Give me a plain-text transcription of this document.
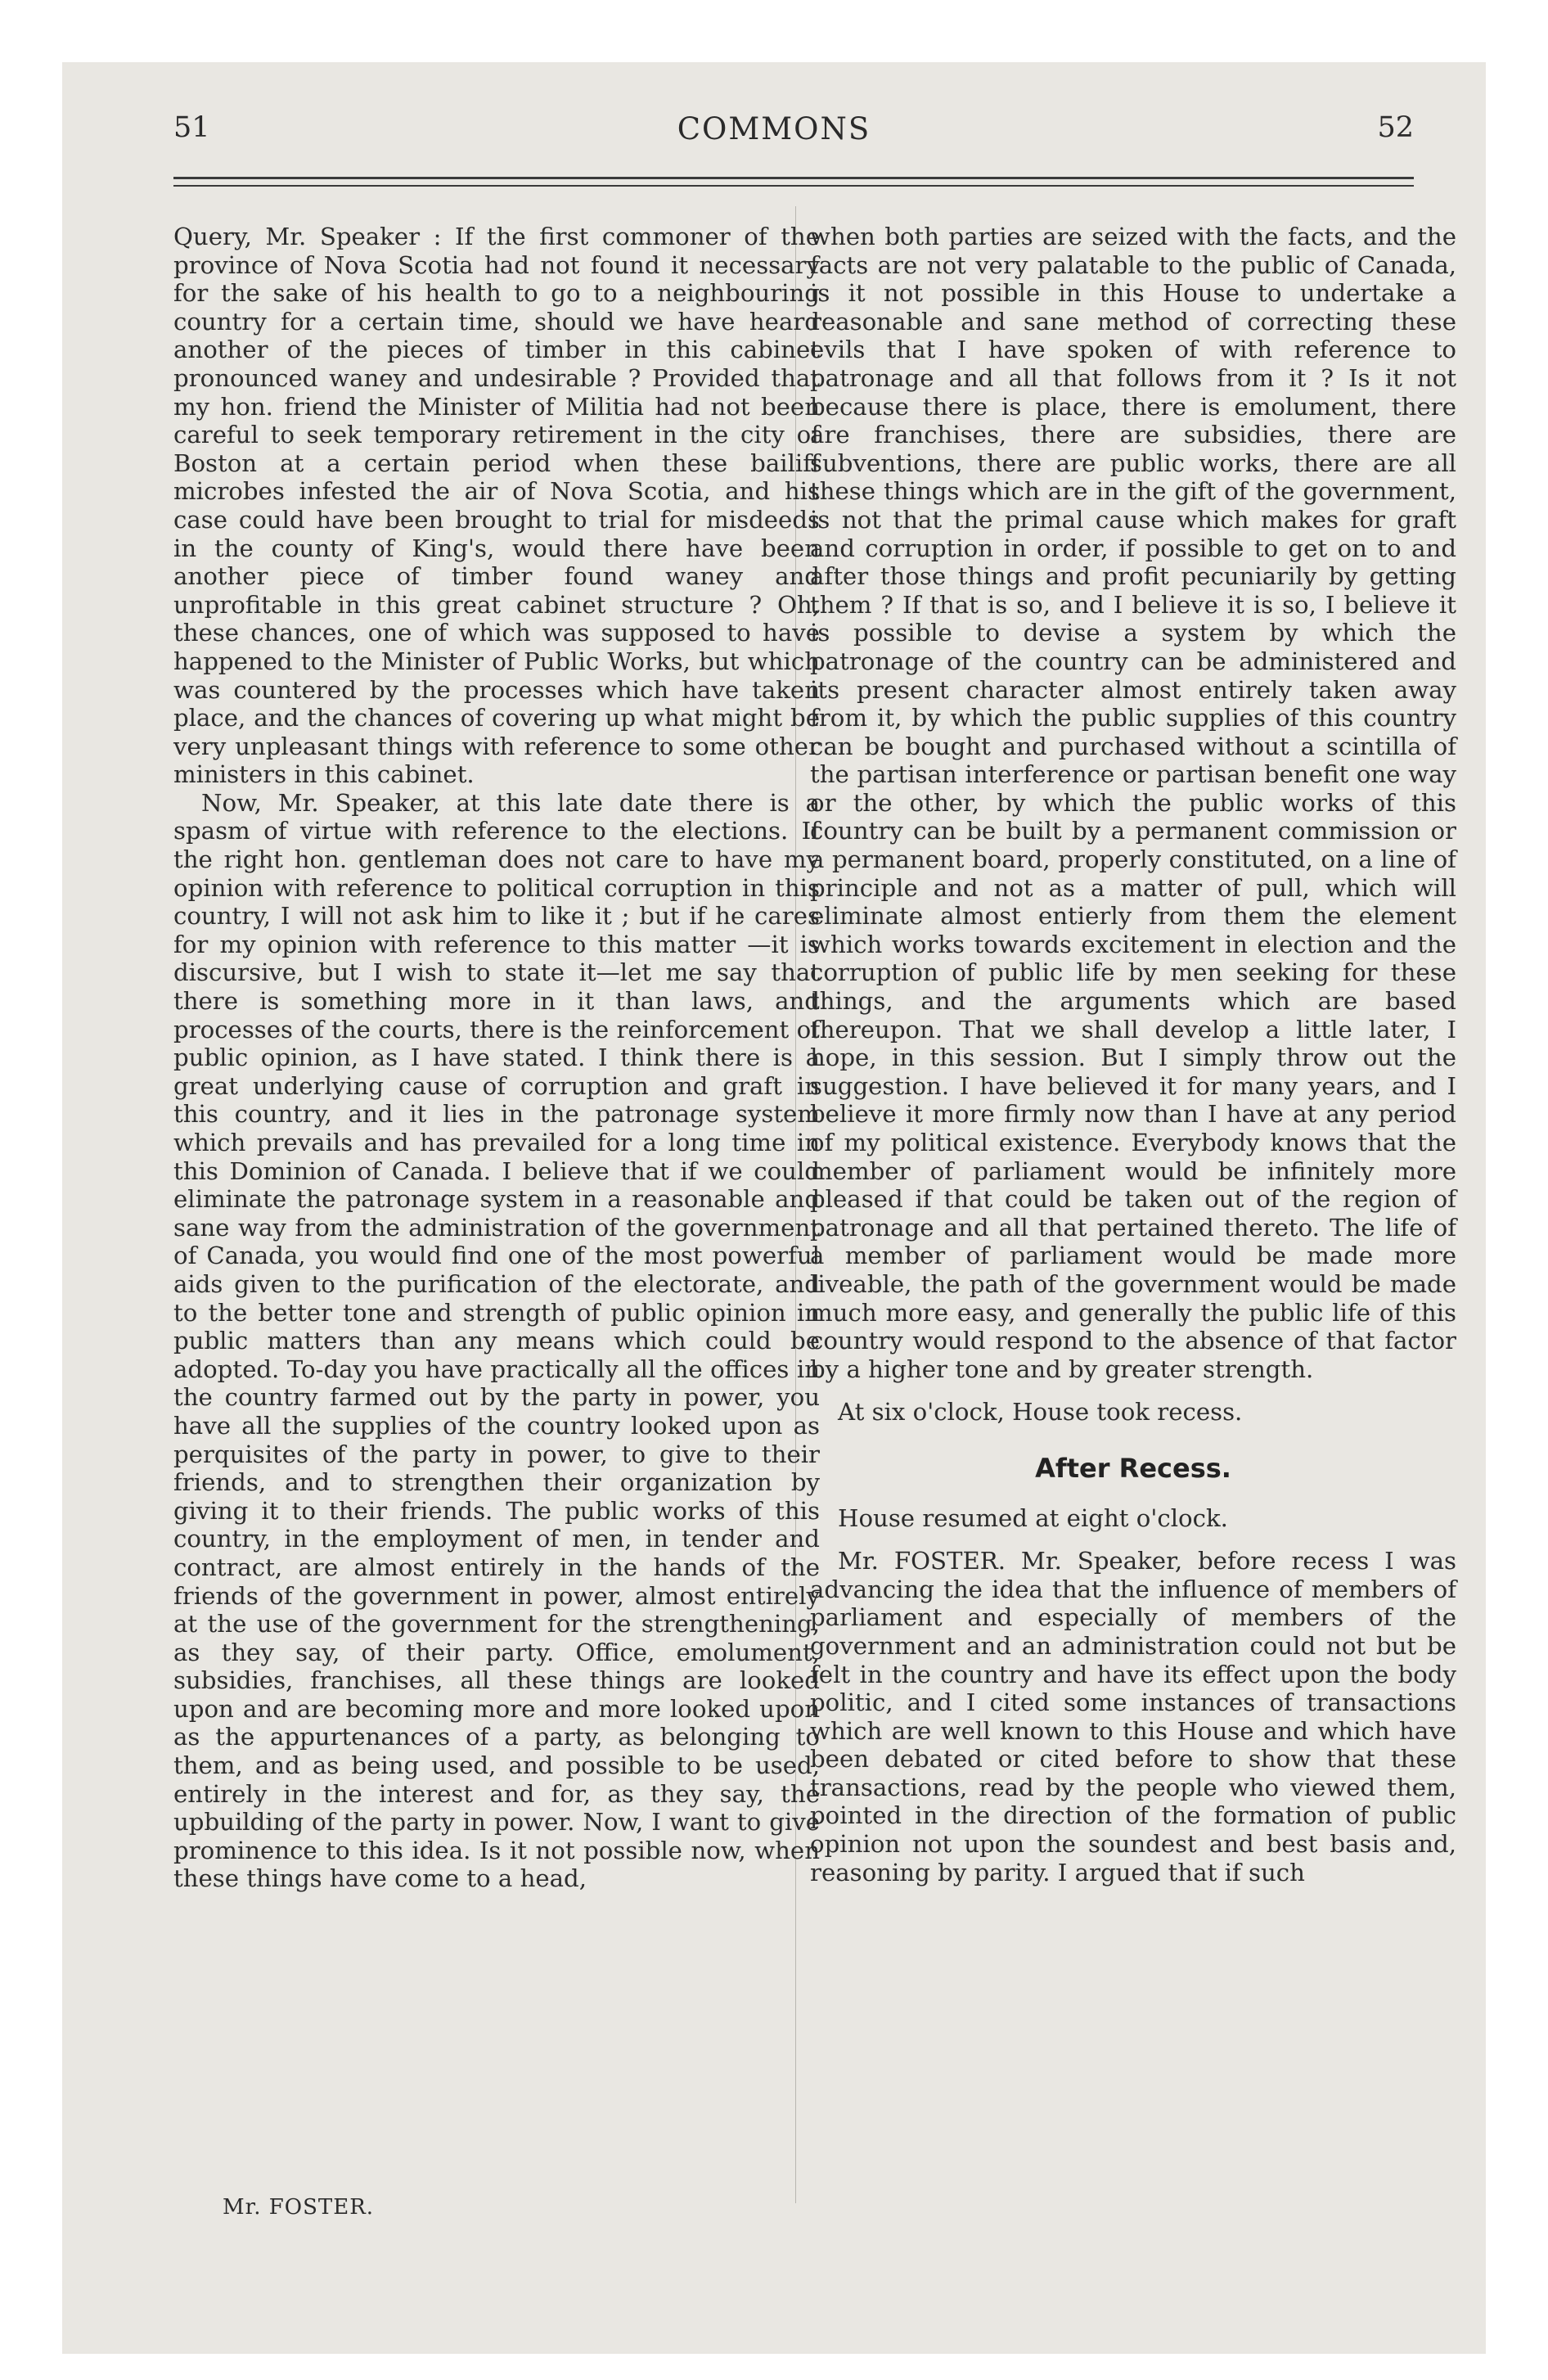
51	COMMONS	52

Query, Mr. Speaker : If the first commoner of the province of Nova Scotia had not found it necessary for the sake of his health to go to a neighbouring country for a certain time, should we have heard another of the pieces of timber in this cabinet pronounced waney and undesirable ? Provided that my hon. friend the Minister of Militia had not been careful to seek temporary retirement in the city of Boston at a certain period when these bailiff microbes infested the air of Nova Scotia, and his case could have been brought to trial for misdeeds in the county of King's, would there have been another piece of timber found waney and unprofitable in this great cabinet structure ? Oh, these chances, one of which was supposed to have happened to the Minister of Public Works, but which was countered by the processes which have taken place, and the chances of covering up what might be very unpleasant things with reference to some other ministers in this cabinet.

Now, Mr. Speaker, at this late date there is a spasm of virtue with reference to the elections. If the right hon. gentleman does not care to have my opinion with reference to political corruption in this country, I will not ask him to like it ; but if he cares for my opinion with reference to this matter —it is discursive, but I wish to state it—let me say that there is something more in it than laws, and processes of the courts, there is the reinforcement of public opinion, as I have stated. I think there is a great underlying cause of corruption and graft in this country, and it lies in the patronage system which prevails and has prevailed for a long time in this Dominion of Canada. I believe that if we could eliminate the patronage system in a reasonable and sane way from the administration of the government of Canada, you would find one of the most powerful aids given to the purification of the electorate, and to the better tone and strength of public opinion in public matters than any means which could be adopted. To-day you have practically all the offices in the country farmed out by the party in power, you have all the supplies of the country looked upon as perquisites of the party in power, to give to their friends, and to strengthen their organization by giving it to their friends. The public works of this country, in the employment of men, in tender and contract, are almost entirely in the hands of the friends of the government in power, almost entirely at the use of the government for the strengthening, as they say, of their party. Office, emolument, subsidies, franchises, all these things are looked upon and are becoming more and more looked upon as the appurtenances of a party, as belonging to them, and as being used, and possible to be used, entirely in the interest and for, as they say, the upbuilding of the party in power. Now, I want to give prominence to this idea. Is it not possible now, when these things have come to a head,

Mr. FOSTER.

when both parties are seized with the facts, and the facts are not very palatable to the public of Canada, is it not possible in this House to undertake a reasonable and sane method of correcting these evils that I have spoken of with reference to patronage and all that follows from it ? Is it not because there is place, there is emolument, there are franchises, there are subsidies, there are subventions, there are public works, there are all these things which are in the gift of the government, is not that the primal cause which makes for graft and corruption in order, if possible to get on to and after those things and profit pecuniarily by getting them ? If that is so, and I believe it is so, I believe it is possible to devise a system by which the patronage of the country can be administered and its present character almost entirely taken away from it, by which the public supplies of this country can be bought and purchased without a scintilla of the partisan interference or partisan benefit one way or the other, by which the public works of this country can be built by a permanent commission or a permanent board, properly constituted, on a line of principle and not as a matter of pull, which will eliminate almost entierly from them the element which works towards excitement in election and the corruption of public life by men seeking for these things, and the arguments which are based thereupon. That we shall develop a little later, I hope, in this session. But I simply throw out the suggestion. I have believed it for many years, and I believe it more firmly now than I have at any period of my political existence. Everybody knows that the member of parliament would be infinitely more pleased if that could be taken out of the region of patronage and all that pertained thereto. The life of a member of parliament would be made more liveable, the path of the government would be made much more easy, and generally the public life of this country would respond to the absence of that factor by a higher tone and by greater strength.

At six o'clock, House took recess.

After Recess.

House resumed at eight o'clock.

Mr. FOSTER. Mr. Speaker, before recess I was advancing the idea that the influence of members of parliament and especially of members of the government and an administration could not but be felt in the country and have its effect upon the body politic, and I cited some instances of transactions which are well known to this House and which have been debated or cited before to show that these transactions, read by the people who viewed them, pointed in the direction of the formation of public opinion not upon the soundest and best basis and, reasoning by parity. I argued that if such
